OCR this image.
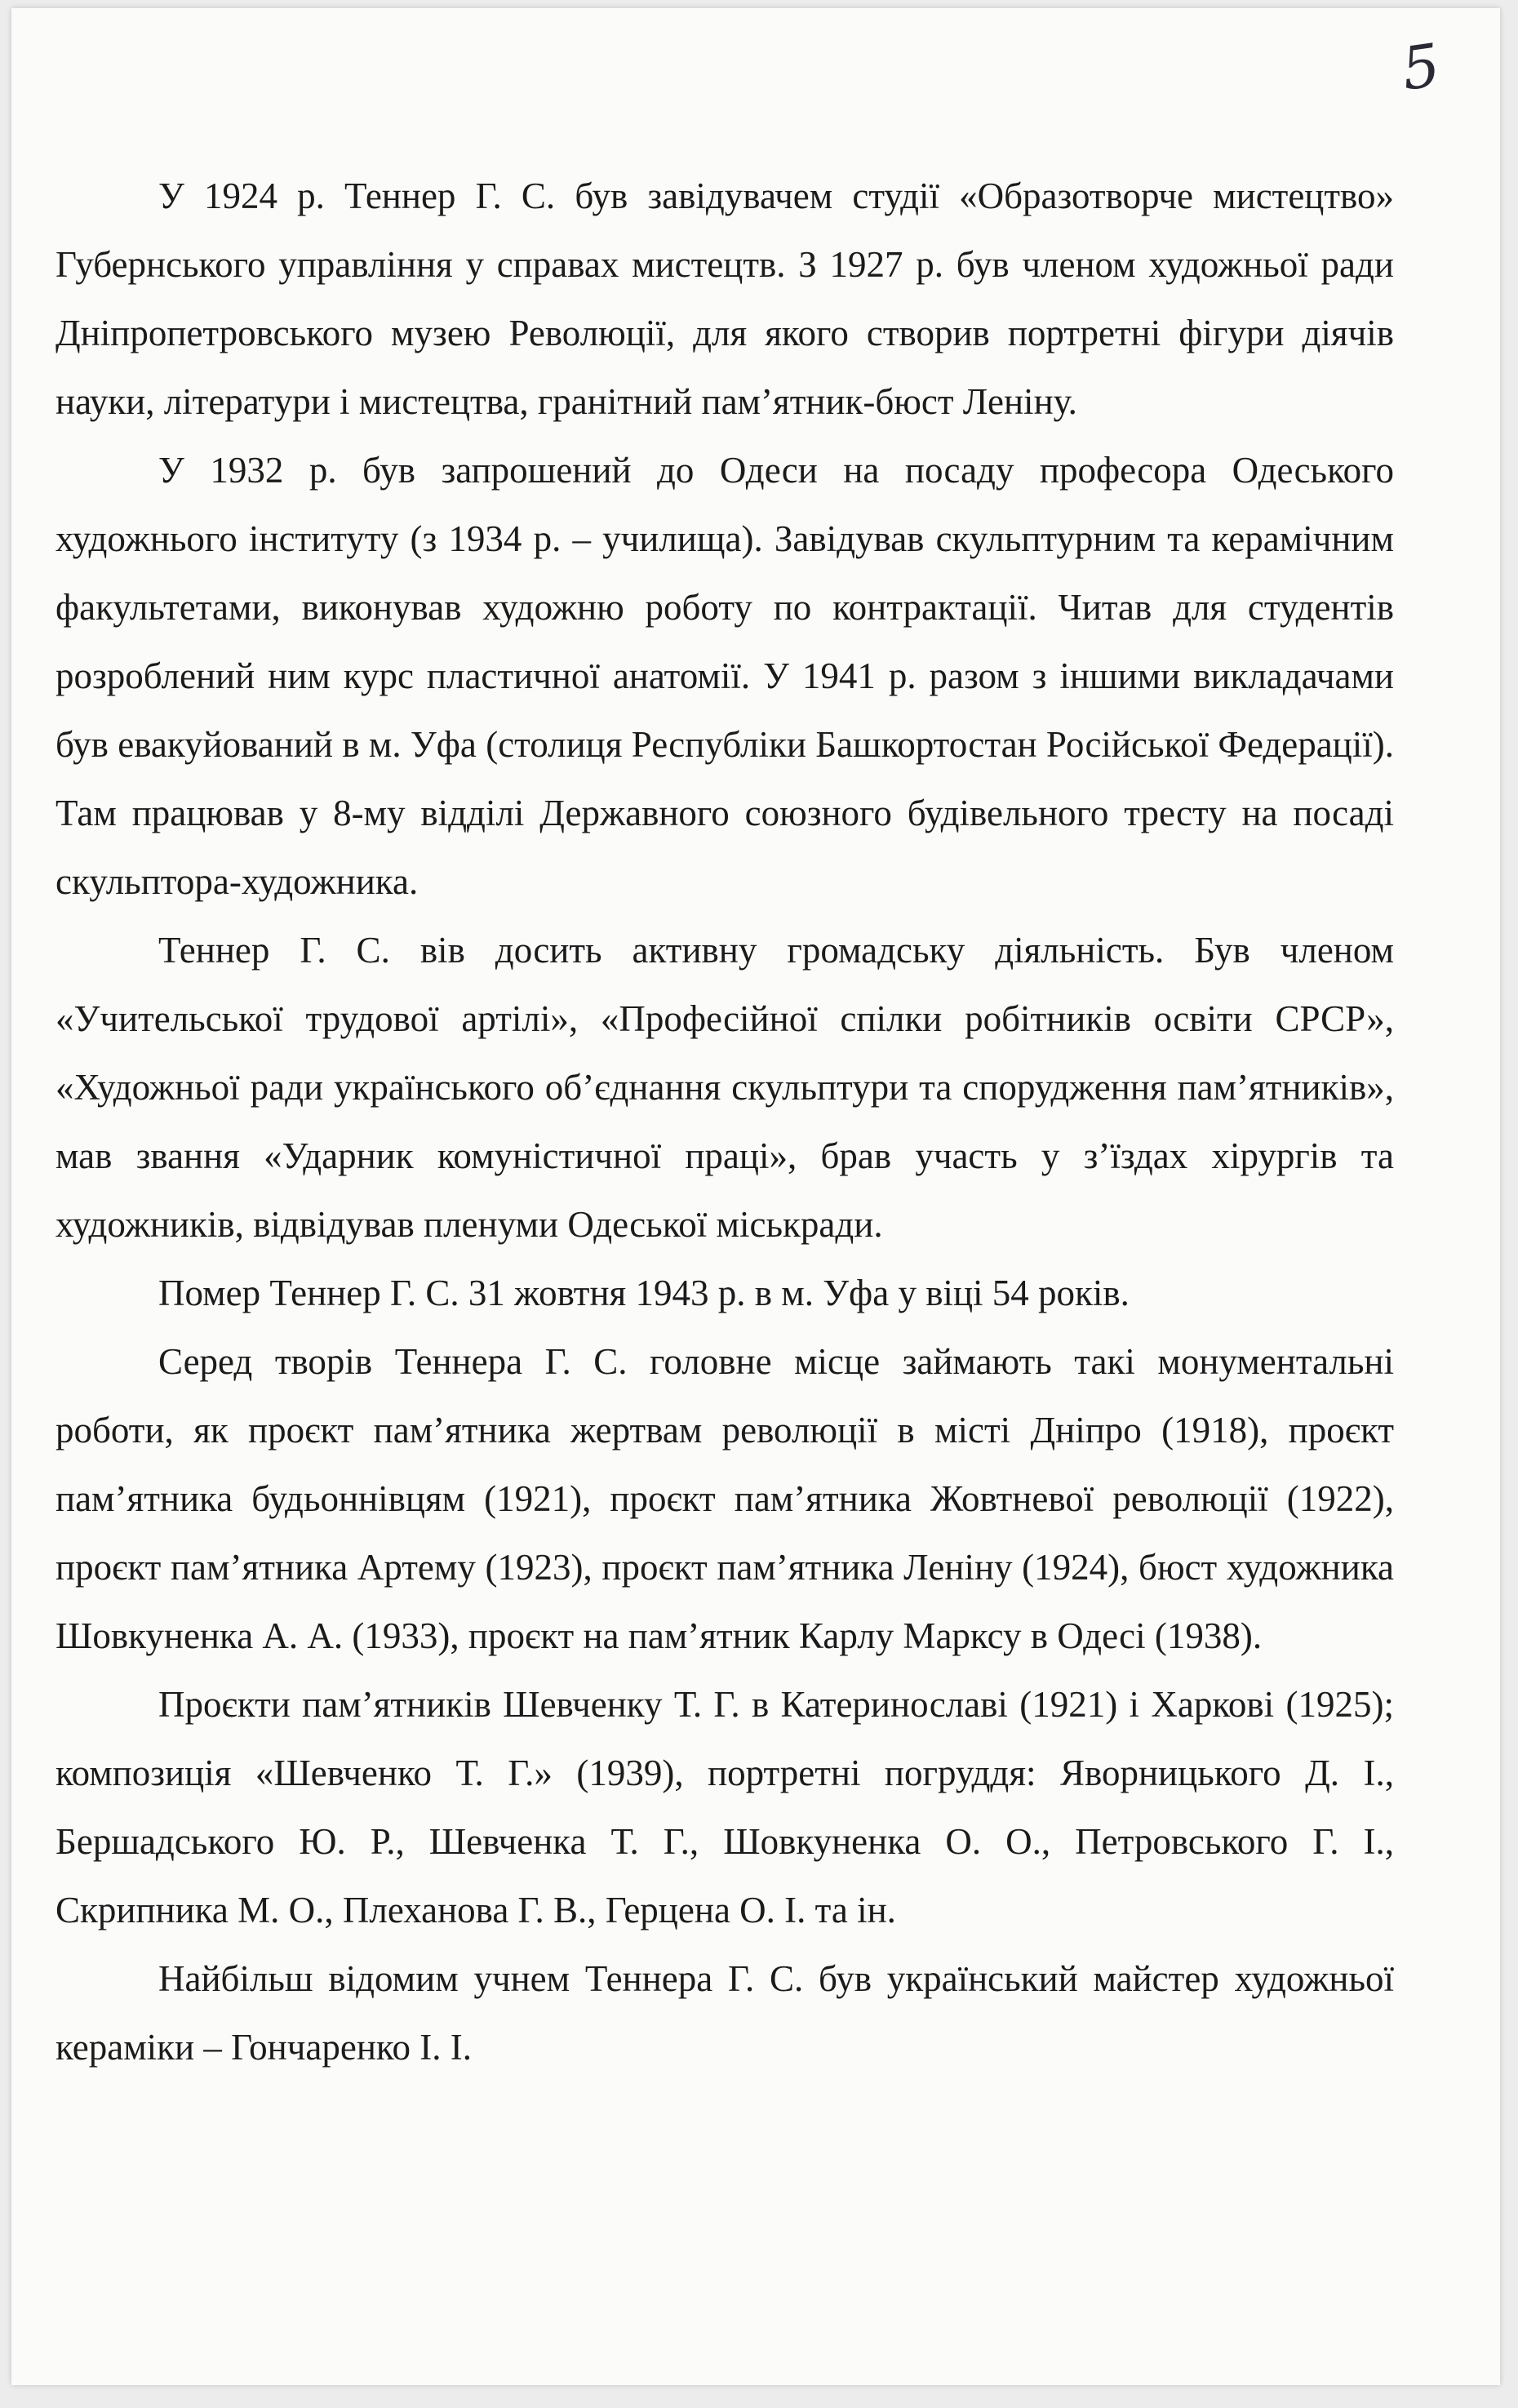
5

У 1924 р. Теннер Г. С. був завідувачем студії «Образотворче мистецтво» Губернського управління у справах мистецтв. З 1927 р. був членом художньої ради Дніпропетровського музею Революції, для якого створив портретні фігури діячів науки, літератури і мистецтва, гранітний пам’ятник-бюст Леніну.

У 1932 р. був запрошений до Одеси на посаду професора Одеського художнього інституту (з 1934 р. – училища). Завідував скульптурним та керамічним факультетами, виконував художню роботу по контрактації. Читав для студентів розроблений ним курс пластичної анатомії. У 1941 р. разом з іншими викладачами був евакуйований в м. Уфа (столиця Республіки Башкортостан Російської Федерації). Там працював у 8-му відділі Державного союзного будівельного тресту на посаді скульптора-художника.

Теннер Г. С. вів досить активну громадську діяльність. Був членом «Учительської трудової артілі», «Професійної спілки робітників освіти СРСР», «Художньої ради українського об’єднання скульптури та спорудження пам’ятників», мав звання «Ударник комуністичної праці», брав участь у з’їздах хірургів та художників, відвідував пленуми Одеської міськради.

Помер Теннер Г. С. 31 жовтня 1943 р. в м. Уфа у віці 54 років.

Серед творів Теннера Г. С. головне місце займають такі монументальні роботи, як проєкт пам’ятника жертвам революції в місті Дніпро (1918), проєкт пам’ятника будьоннівцям (1921), проєкт пам’ятника Жовтневої революції (1922), проєкт пам’ятника Артему (1923), проєкт пам’ятника Леніну (1924), бюст художника Шовкуненка А. А. (1933), проєкт на пам’ятник Карлу Марксу в Одесі (1938).

Проєкти пам’ятників Шевченку Т. Г. в Катеринославі (1921) і Харкові (1925); композиція «Шевченко Т. Г.» (1939), портретні погруддя: Яворницького Д. І., Бершадського Ю. Р., Шевченка Т. Г., Шовкуненка О. О., Петровського Г. І., Скрипника М. О., Плеханова Г. В., Герцена О. І. та ін.

Найбільш відомим учнем Теннера Г. С. був український майстер художньої кераміки – Гончаренко І. І.
